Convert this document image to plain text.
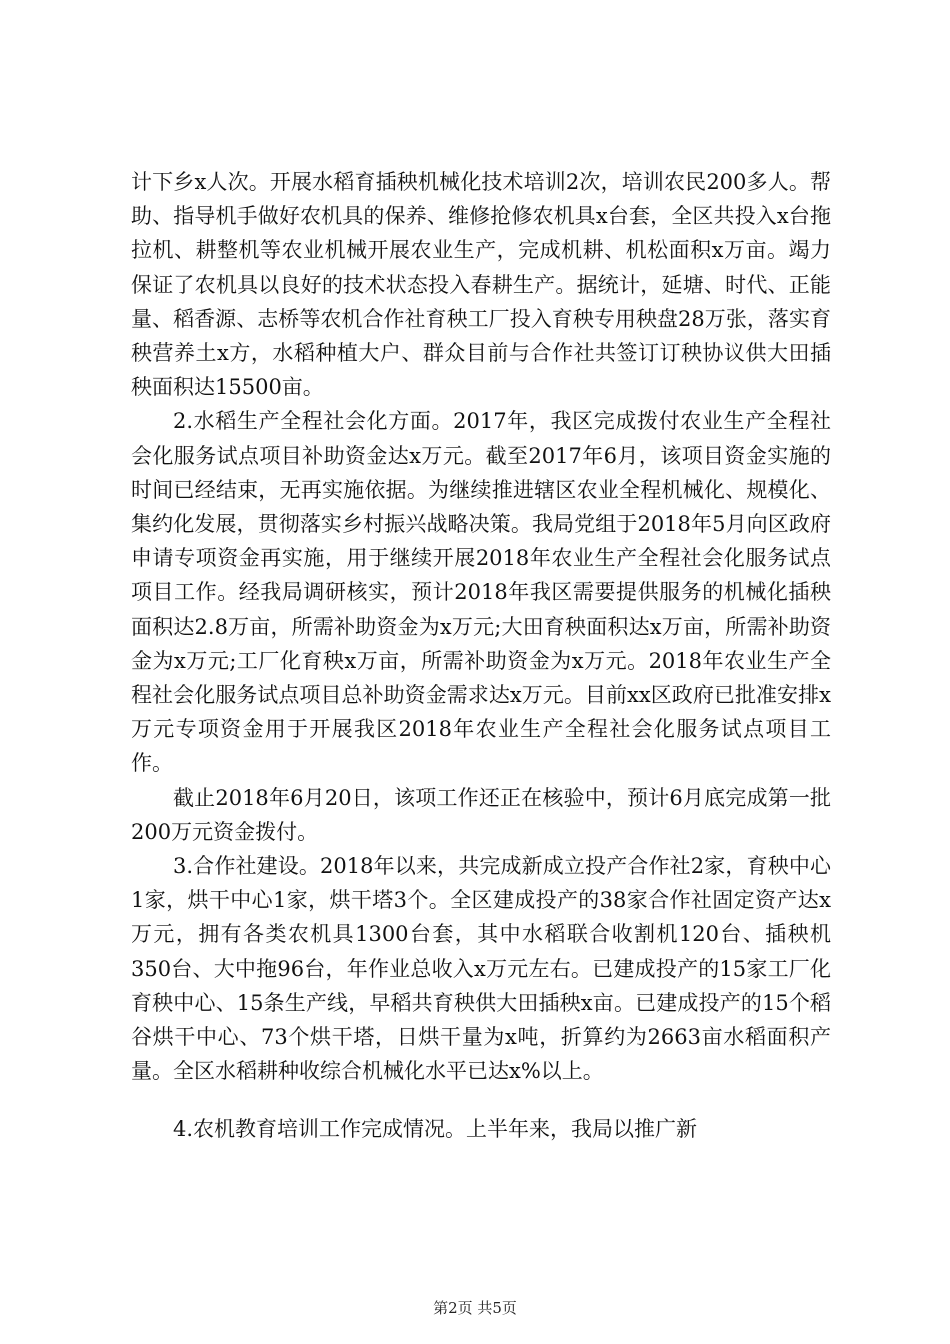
计下乡x人次。开展水稻育插秧机械化技术培训2次，培训农民200多人。帮助、指导机手做好农机具的保养、维修抢修农机具x台套，全区共投入x台拖拉机、耕整机等农业机械开展农业生产，完成机耕、机松面积x万亩。竭力保证了农机具以良好的技术状态投入春耕生产。据统计，延塘、时代、正能量、稻香源、志桥等农机合作社育秧工厂投入育秧专用秧盘28万张，落实育秧营养土x方，水稻种植大户、群众目前与合作社共签订订秧协议供大田插秧面积达15500亩。

2.水稻生产全程社会化方面。2017年，我区完成拨付农业生产全程社会化服务试点项目补助资金达x万元。截至2017年6月，该项目资金实施的时间已经结束，无再实施依据。为继续推进辖区农业全程机械化、规模化、集约化发展，贯彻落实乡村振兴战略决策。我局党组于2018年5月向区政府申请专项资金再实施，用于继续开展2018年农业生产全程社会化服务试点项目工作。经我局调研核实，预计2018年我区需要提供服务的机械化插秧面积达2.8万亩，所需补助资金为x万元;大田育秧面积达x万亩，所需补助资金为x万元;工厂化育秧x万亩，所需补助资金为x万元。2018年农业生产全程社会化服务试点项目总补助资金需求达x万元。目前xx区政府已批准安排x万元专项资金用于开展我区2018年农业生产全程社会化服务试点项目工作。

截止2018年6月20日，该项工作还正在核验中，预计6月底完成第一批200万元资金拨付。

3.合作社建设。2018年以来，共完成新成立投产合作社2家，育秧中心1家，烘干中心1家，烘干塔3个。全区建成投产的38家合作社固定资产达x万元，拥有各类农机具1300台套，其中水稻联合收割机120台、插秧机350台、大中拖96台，年作业总收入x万元左右。已建成投产的15家工厂化育秧中心、15条生产线，早稻共育秧供大田插秧x亩。已建成投产的15个稻谷烘干中心、73个烘干塔，日烘干量为x吨，折算约为2663亩水稻面积产量。全区水稻耕种收综合机械化水平已达x%以上。

4.农机教育培训工作完成情况。上半年来，我局以推广新

第2页 共5页
